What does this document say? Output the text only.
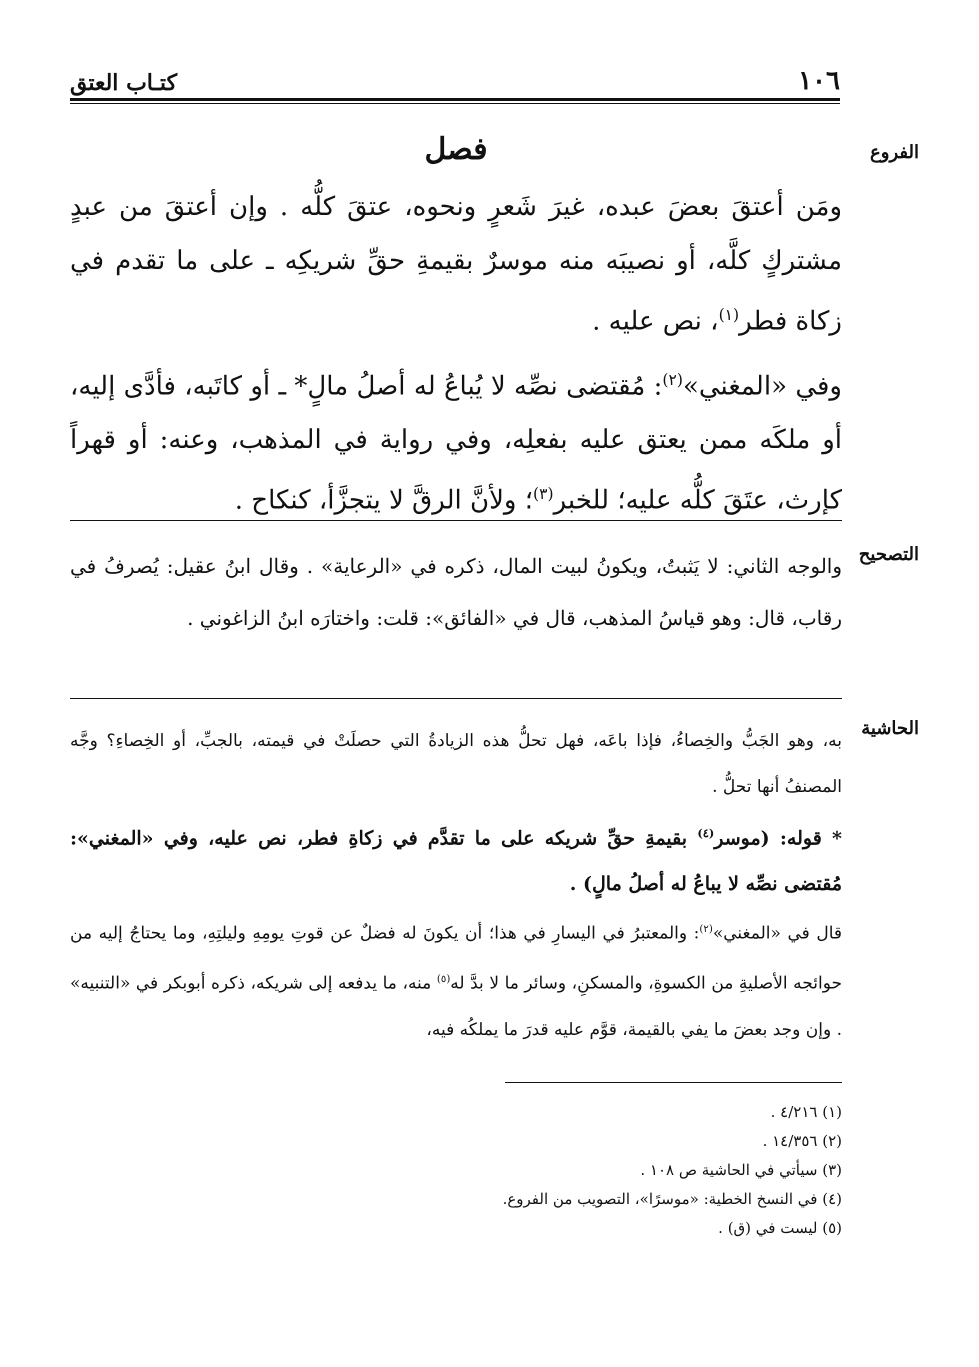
١٠٦
كتـاب العتق
الفروع
التصحيح
الحاشية
فصل

ومَن أعتقَ بعضَ عبده، غيرَ شَعرٍ ونحوه، عتقَ كلُّه . وإن أعتقَ من عبدٍ مشتركٍ كلَّه، أو نصيبَه منه موسرٌ بقيمةِ حقِّ شريكِه ـ على ما تقدم في زكاة فطر$^{(١)}$، نص عليه .

وفي «المغني»$^{(٢)}$: مُقتضى نصِّه لا يُباعُ له أصلُ مالٍ* ـ أو كاتَبه، فأدَّى إليه، أو ملكَه ممن يعتق عليه بفعلِه، وفي رواية في المذهب، وعنه: أو قهراً كإرث، عتَقَ كلُّه عليه؛ للخبر$^{(٣)}$؛ ولأنَّ الرقَّ لا يتجزَّأ، كنكاح .

والوجه الثاني: لا يَثبتُ، ويكونُ لبيت المال، ذكره في «الرعاية» . وقال ابنُ عقيل: يُصرفُ في رقاب، قال: وهو قياسُ المذهب، قال في «الفائق»: قلت: واختارَه ابنُ الزاغوني .

به، وهو الجَبُّ والخِصاءُ، فإذا باعَه، فهل تحلُّ هذه الزيادةُ التي حصلَتْ في قيمته، بالجبِّ، أو الخِصاءِ؟ وجَّه المصنفُ أنها تحلُّ .

* قوله: (موسر$^{(٤)}$ بقيمةِ حقِّ شريكه على ما تقدَّم في زكاةِ فطر، نص عليه، وفي «المغني»: مُقتضى نصِّه لا يباعُ له أصلُ مالٍ) .

قال في «المغني»$^{(٢)}$: والمعتبرُ في اليسارِ في هذا؛ أن يكونَ له فضلٌ عن قوتِ يومِهِ وليلتِهِ، وما يحتاجُ إليه من حوائجه الأصليةِ من الكسوةِ، والمسكنِ، وسائر ما لا بدَّ له$^{(٥)}$ منه، ما يدفعه إلى شريكه، ذكره أبوبكر في «التنبيه» . وإن وجد بعضَ ما يفي بالقيمة، قوَّم عليه قدرَ ما يملكُه فيه،

(١) ٤/٢١٦ .
(٢) ١٤/٣٥٦ .
(٣) سيأتي في الحاشية ص ١٠٨ .
(٤) في النسخ الخطية: «موسرًا»، التصويب من الفروع.
(٥) ليست في (ق) .
